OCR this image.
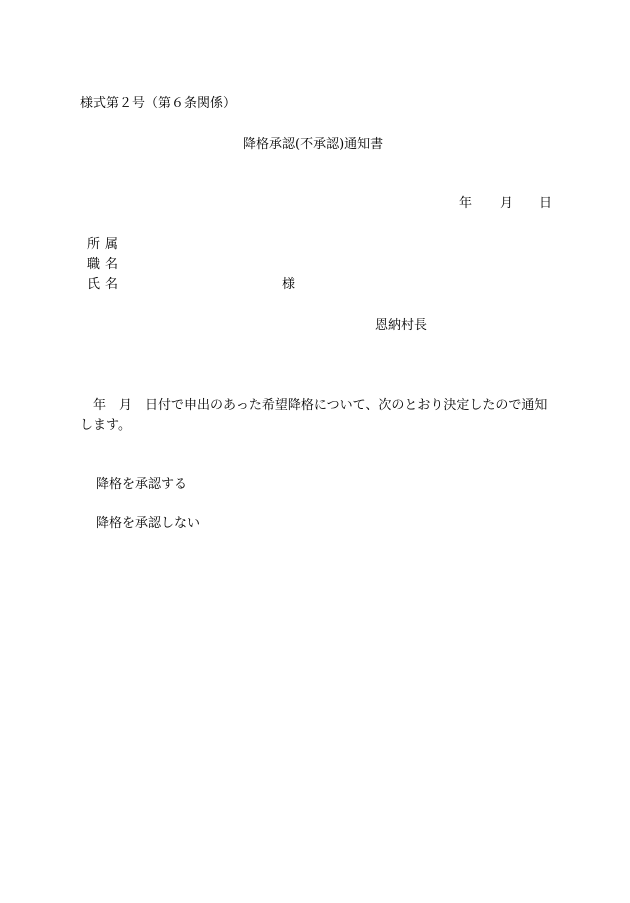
様式第２号（第６条関係）
降格承認(不承認)通知書
年 月 日
所属
職名
氏名	様
恩納村長
年　月　日付で申出のあった希望降格について、次のとおり決定したので通知します。
降格を承認する
降格を承認しない
